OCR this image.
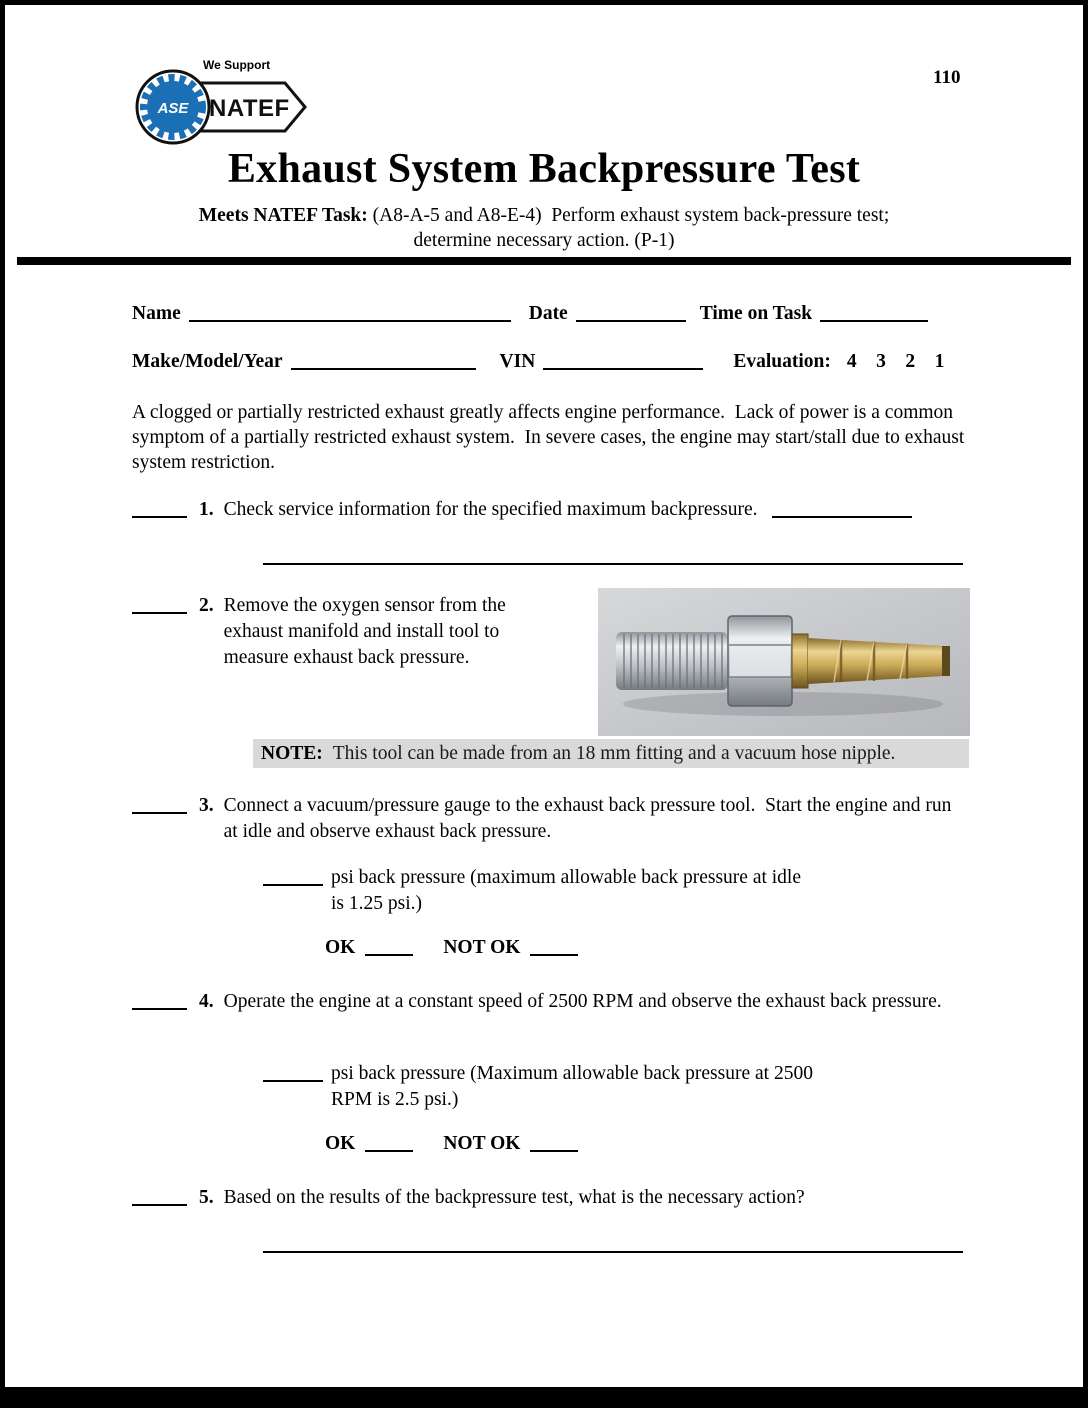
110
We Support
ASE NATEF
Exhaust System Backpressure Test
Meets NATEF Task: (A8-A-5 and A8-E-4)  Perform exhaust system back-pressure test;
determine necessary action. (P-1)
Name	Date	Time on Task
Make/Model/Year	VIN	Evaluation: 4    3    2    1
A clogged or partially restricted exhaust greatly affects engine performance.  Lack of power is a common symptom of a partially restricted exhaust system.  In severe cases, the engine may start/stall due to exhaust system restriction.
1. Check service information for the specified maximum backpressure.
2. Remove the oxygen sensor from the exhaust manifold and install tool to measure exhaust back pressure.
NOTE: This tool can be made from an 18 mm fitting and a vacuum hose nipple.
3. Connect a vacuum/pressure gauge to the exhaust back pressure tool.  Start the engine and run at idle and observe exhaust back pressure.
psi back pressure (maximum allowable back pressure at idle
is 1.25 psi.)
OK	NOT OK
4. Operate the engine at a constant speed of 2500 RPM and observe the exhaust back pressure.
psi back pressure (Maximum allowable back pressure at 2500
RPM is 2.5 psi.)
OK	NOT OK
5. Based on the results of the backpressure test, what is the necessary action?
